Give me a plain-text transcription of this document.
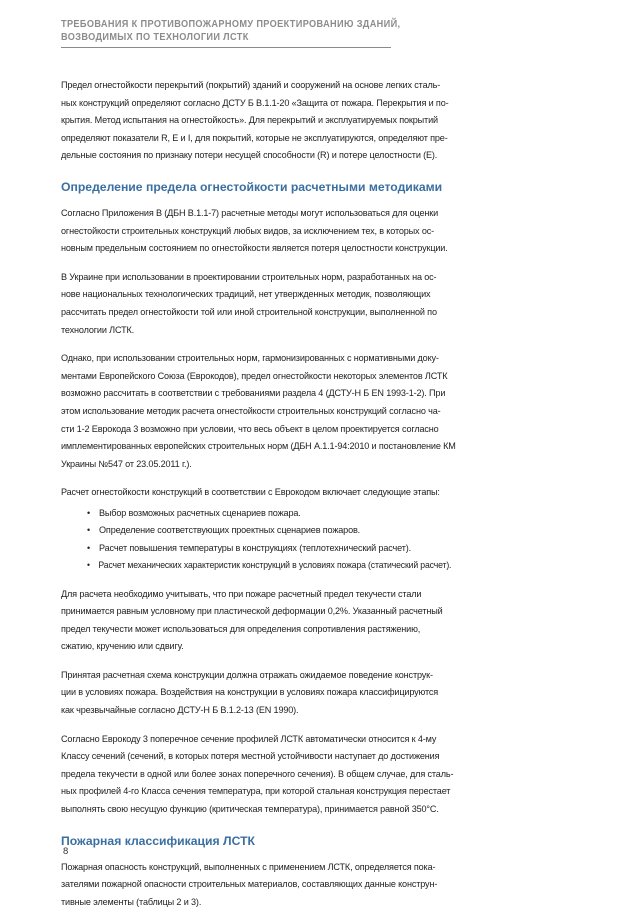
ТРЕБОВАНИЯ К ПРОТИВОПОЖАРНОМУ ПРОЕКТИРОВАНИЮ ЗДАНИЙ,
ВОЗВОДИМЫХ ПО ТЕХНОЛОГИИ ЛСТК

Предел огнестойкости перекрытий (покрытий) зданий и сооружений на основе легких сталь-
ных конструкций определяют согласно ДСТУ Б В.1.1-20 «Защита от пожара. Перекрытия и по-
крытия. Метод испытания на огнестойкость». Для перекрытий и эксплуатируемых покрытий
определяют показатели R, E и I, для покрытий, которые не эксплуатируются, определяют пре-
дельные состояния по признаку потери несущей способности (R) и потере целостности (E).

Определение предела огнестойкости расчетными методиками

Согласно Приложения В (ДБН В.1.1-7) расчетные методы могут использоваться для оценки
огнестойкости строительных конструкций любых видов, за исключением тех, в которых ос-
новным предельным состоянием по огнестойкости является потеря целостности конструкции.

В Украине при использовании в проектировании строительных норм, разработанных на ос-
нове национальных технологических традиций, нет утвержденных методик, позволяющих
рассчитать предел огнестойкости той или иной строительной конструкции, выполненной по
технологии ЛСТК.

Однако, при использовании строительных норм, гармонизированных с нормативными доку-
ментами Европейского Союза (Еврокодов), предел огнестойкости некоторых элементов ЛСТК
возможно рассчитать в соответствии с требованиями раздела 4 (ДСТУ-Н Б EN 1993-1-2). При
этом использование методик расчета огнестойкости строительных конструкций согласно ча-
сти 1-2 Еврокода 3 возможно при условии, что весь объект в целом проектируется согласно
имплементированных европейских строительных норм (ДБН А.1.1-94:2010 и постановление КМ
Украины №547 от 23.05.2011 г.).

Расчет огнестойкости конструкций в соответствии с Еврокодом включает следующие этапы:

• Выбор возможных расчетных сценариев пожара.
• Определение соответствующих проектных сценариев пожаров.
• Расчет повышения температуры в конструкциях (теплотехнический расчет).
• Расчет механических характеристик конструкций в условиях пожара (статический расчет).

Для расчета необходимо учитывать, что при пожаре расчетный предел текучести стали
принимается равным условному при пластической деформации 0,2%. Указанный расчетный
предел текучести может использоваться для определения сопротивления растяжению,
сжатию, кручению или сдвигу.

Принятая расчетная схема конструкции должна отражать ожидаемое поведение конструк-
ции в условиях пожара. Воздействия на конструкции в условиях пожара классифицируются
как чрезвычайные согласно ДСТУ-Н Б В.1.2-13 (EN 1990).

Согласно Еврокоду 3 поперечное сечение профилей ЛСТК автоматически относится к 4-му
Классу сечений (сечений, в которых потеря местной устойчивости наступает до достижения
предела текучести в одной или более зонах поперечного сечения). В общем случае, для сталь-
ных профилей 4-го Класса сечения температура, при которой стальная конструкция перестает
выполнять свою несущую функцию (критическая температура), принимается равной 350°С.

Пожарная классификация ЛСТК

Пожарная опасность конструкций, выполненных с применением ЛСТК, определяется пока-
зателями пожарной опасности строительных материалов, составляющих данные конструн-
тивные элементы (таблицы 2 и 3).

8
